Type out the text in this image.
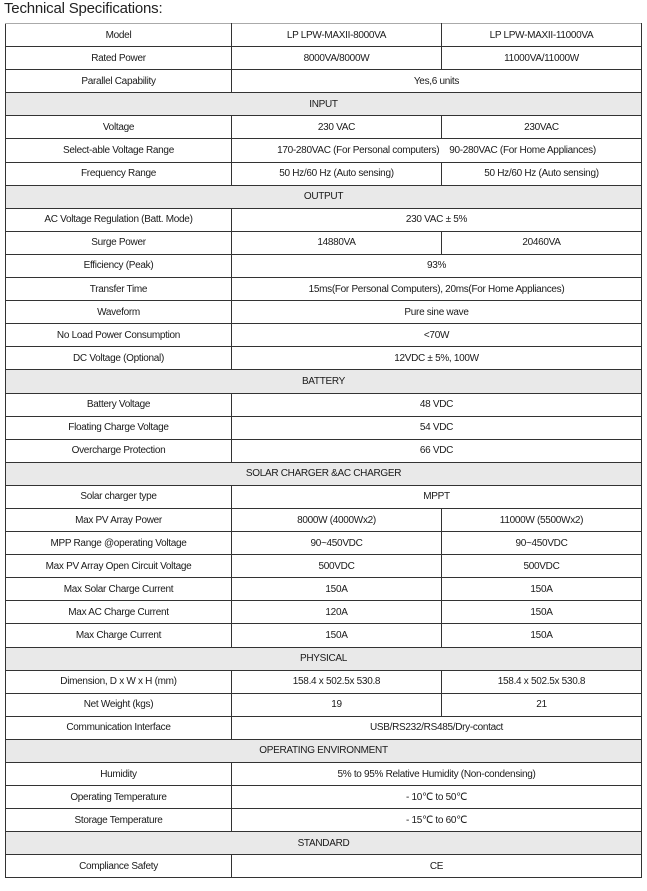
Technical Specifications:
Model	LP LPW-MAXII-8000VA	LP LPW-MAXII-11000VA
Rated Power	8000VA/8000W	11000VA/11000W
Parallel Capability	Yes,6 units	
INPUT		
Voltage	230 VAC	230VAC
Select-able Voltage Range	170-280VAC (For Personal computers)    90-280VAC (For Home Appliances)	
Frequency Range	50 Hz/60 Hz (Auto sensing)	50 Hz/60 Hz (Auto sensing)
OUTPUT		
AC Voltage Regulation (Batt. Mode)	230 VAC ± 5%	
Surge Power	14880VA	20460VA
Efficiency (Peak)	93%	
Transfer Time	15ms(For Personal Computers), 20ms(For Home Appliances)	
Waveform	Pure sine wave	
No Load Power Consumption	<70W	
DC Voltage (Optional)	12VDC ± 5%, 100W	
BATTERY		
Battery Voltage	48 VDC	
Floating Charge Voltage	54 VDC	
Overcharge Protection	66 VDC	
SOLAR CHARGER &AC CHARGER		
Solar charger type	MPPT	
Max PV Array Power	8000W (4000Wx2)	11000W (5500Wx2)
MPP Range @operating Voltage	90~450VDC	90~450VDC
Max PV Array Open Circuit Voltage	500VDC	500VDC
Max Solar Charge Current	150A	150A
Max AC Charge Current	120A	150A
Max Charge Current	150A	150A
PHYSICAL		
Dimension, D x W x H (mm)	158.4 x 502.5x 530.8	158.4 x 502.5x 530.8
Net Weight (kgs)	19	21
Communication Interface	USB/RS232/RS485/Dry-contact	
OPERATING ENVIRONMENT		
Humidity	5% to 95% Relative Humidity (Non-condensing)	
Operating Temperature	- 10℃ to 50℃	
Storage Temperature	- 15℃ to 60℃	
STANDARD		
Compliance Safety	CE	
